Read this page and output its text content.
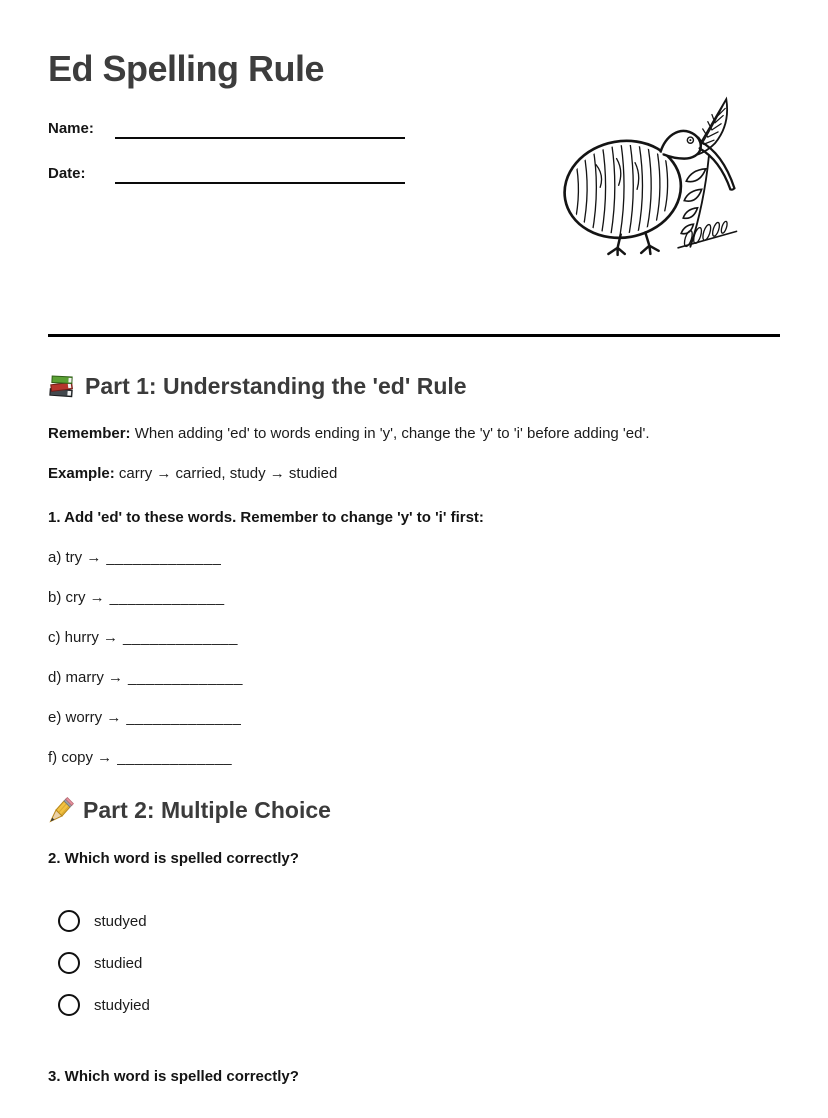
Ed Spelling Rule
Name:
Date:
Part 1: Understanding the 'ed' Rule

Remember: When adding 'ed' to words ending in 'y', change the 'y' to 'i' before adding 'ed'.

Example: carry → carried, study → studied

1. Add 'ed' to these words. Remember to change 'y' to 'i' first:

a) try → _____________

b) cry → _____________

c) hurry → _____________

d) marry → _____________

e) worry → _____________

f) copy → _____________

Part 2: Multiple Choice

2. Which word is spelled correctly?

studyed
studied
studyied

3. Which word is spelled correctly?
